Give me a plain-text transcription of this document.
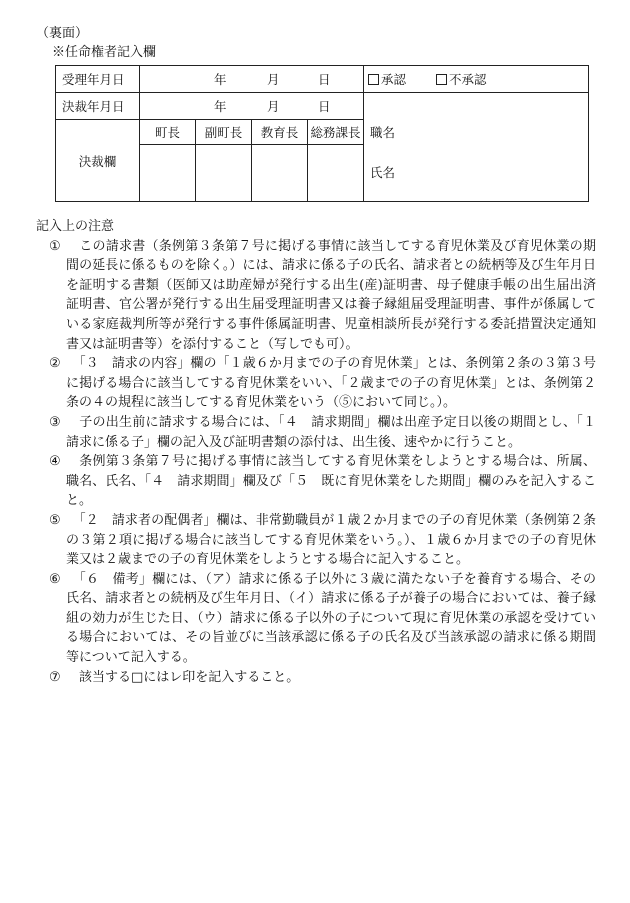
（裏面）
※任命権者記入欄
受理年月日	年 月 日				承認 不承認
決裁年月日	年 月 日				職名
氏名

決裁欄	町長	副町長	教育長	総務課長	

記入上の注意
① 　この請求書（条例第３条第７号に掲げる事情に該当してする育児休業及び育児休業の期間の延長に係るものを除く。）には、請求に係る子の氏名、請求者との続柄等及び生年月日を証明する書類（医師又は助産婦が発行する出生(産)証明書、母子健康手帳の出生届出済証明書、官公署が発行する出生届受理証明書又は養子縁組届受理証明書、事件が係属している家庭裁判所等が発行する事件係属証明書、児童相談所長が発行する委託措置決定通知書又は証明書等）を添付すること（写しでも可）。
② 　「３　請求の内容」欄の「１歳６か月までの子の育児休業」とは、条例第２条の３第３号に掲げる場合に該当してする育児休業をいい、「２歳までの子の育児休業」とは、条例第２条の４の規程に該当してする育児休業をいう（⑤において同じ。）。
③ 　子の出生前に請求する場合には、「４　請求期間」欄は出産予定日以後の期間とし、「１　請求に係る子」欄の記入及び証明書類の添付は、出生後、速やかに行うこと。
④ 　条例第３条第７号に掲げる事情に該当してする育児休業をしようとする場合は、所属、職名、氏名、「４　請求期間」欄及び「５　既に育児休業をした期間」欄のみを記入すること。
⑤ 　「２　請求者の配偶者」欄は、非常勤職員が１歳２か月までの子の育児休業（条例第２条の３第２項に掲げる場合に該当してする育児休業をいう。）、１歳６か月までの子の育児休業又は２歳までの子の育児休業をしようとする場合に記入すること。
⑥ 　「６　備考」欄には、（ア）請求に係る子以外に３歳に満たない子を養育する場合、その氏名、請求者との続柄及び生年月日、（イ）請求に係る子が養子の場合においては、養子縁組の効力が生じた日、（ウ）請求に係る子以外の子について現に育児休業の承認を受けている場合においては、その旨並びに当該承認に係る子の氏名及び当該承認の請求に係る期間等について記入する。
⑦ 　該当する□にはレ印を記入すること。
